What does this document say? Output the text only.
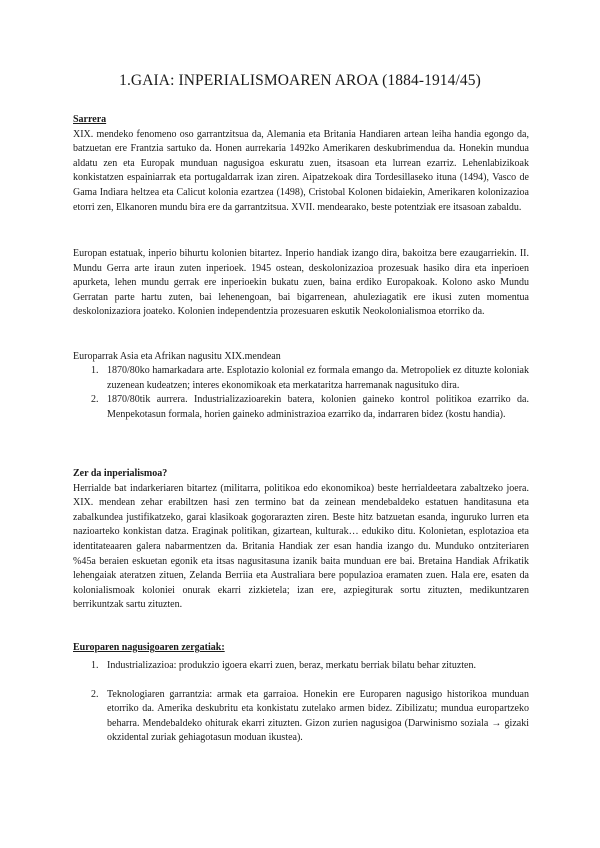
1.GAIA: INPERIALISMOAREN AROA (1884-1914/45)
Sarrera
XIX. mendeko fenomeno oso garrantzitsua da, Alemania eta Britania Handiaren artean leiha handia egongo da, batzuetan ere Frantzia sartuko da. Honen aurrekaria 1492ko Amerikaren deskubrimendua da. Honekin mundua aldatu zen eta Europak munduan nagusigoa eskuratu zuen, itsasoan eta lurrean ezarriz. Lehenlabizikoak konkistatzen espainiarrak eta portugaldarrak izan ziren. Aipatzekoak dira Tordesillaseko ituna (1494), Vasco de Gama Indiara heltzea eta Calicut kolonia ezartzea (1498), Cristobal Kolonen bidaiekin, Amerikaren kolonizazioa etorri zen, Elkanoren mundu bira ere da garrantzitsua. XVII. mendearako, beste potentziak ere itsasoan zabaldu.
Europan estatuak, inperio bihurtu kolonien bitartez. Inperio handiak izango dira, bakoitza bere ezaugarriekin. II. Mundu Gerra arte iraun zuten inperioek. 1945 ostean, deskolonizazioa prozesuak hasiko dira eta inperioen apurketa, lehen mundu gerrak ere inperioekin bukatu zuen, baina erdiko Europakoak. Kolono asko Mundu Gerratan parte hartu zuten, bai lehenengoan, bai bigarrenean, ahuleziagatik ere ikusi zuten momentua deskolonizaziora joateko. Kolonien independentzia prozesuaren eskutik Neokolonialismoa etorriko da.
Europarrak Asia eta Afrikan nagusitu XIX.mendean
1. 1870/80ko hamarkadara arte. Esplotazio kolonial ez formala emango da. Metropoliek ez dituzte koloniak zuzenean kudeatzen; interes ekonomikoak eta merkataritza harremanak nagusituko dira.
2. 1870/80tik aurrera. Industrializazioarekin batera, kolonien gaineko kontrol politikoa ezarriko da. Menpekotasun formala, horien gaineko administrazioa ezarriko da, indarraren bidez (kostu handia).
Zer da inperialismoa?
Herrialde bat indarkeriaren bitartez (militarra, politikoa edo ekonomikoa) beste herrialdeetara zabaltzeko joera. XIX. mendean zehar erabiltzen hasi zen termino bat da zeinean mendebaldeko estatuen handitasuna eta zabalkundea justifikatzeko, garai klasikoak gogorarazten ziren. Beste hitz batzuetan esanda, inguruko lurren eta nazioarteko konkistan datza. Eraginak politikan, gizartean, kulturak… edukiko ditu. Kolonietan, esplotazioa eta identitateaaren galera nabarmentzen da. Britania Handiak zer esan handia izango du. Munduko ontziteriaren %45a beraien eskuetan egonik eta itsas nagusitasuna izanik baita munduan ere bai. Bretaina Handiak Afrikatik lehengaiak ateratzen zituen, Zelanda Berriia eta Australiara bere populazioa eramaten zuen. Hala ere, esaten da kolonialismoak koloniei onurak ekarri zizkietela; izan ere, azpiegiturak sortu zituzten, medikuntzaren berrikuntzak sartu zituzten.
Europaren nagusigoaren zergatiak:
1. Industrializazioa: produkzio igoera ekarri zuen, beraz, merkatu berriak bilatu behar zituzten.
2. Teknologiaren garrantzia: armak eta garraioa. Honekin ere Europaren nagusigo historikoa munduan etorriko da. Amerika deskubritu eta konkistatu zutelako armen bidez. Zibilizatu; mundua europartzeko beharra. Mendebaldeko ohiturak ekarri zituzten. Gizon zurien nagusigoa (Darwinismo soziala → gizaki okzidental zuriak gehiagotasun moduan ikustea).
